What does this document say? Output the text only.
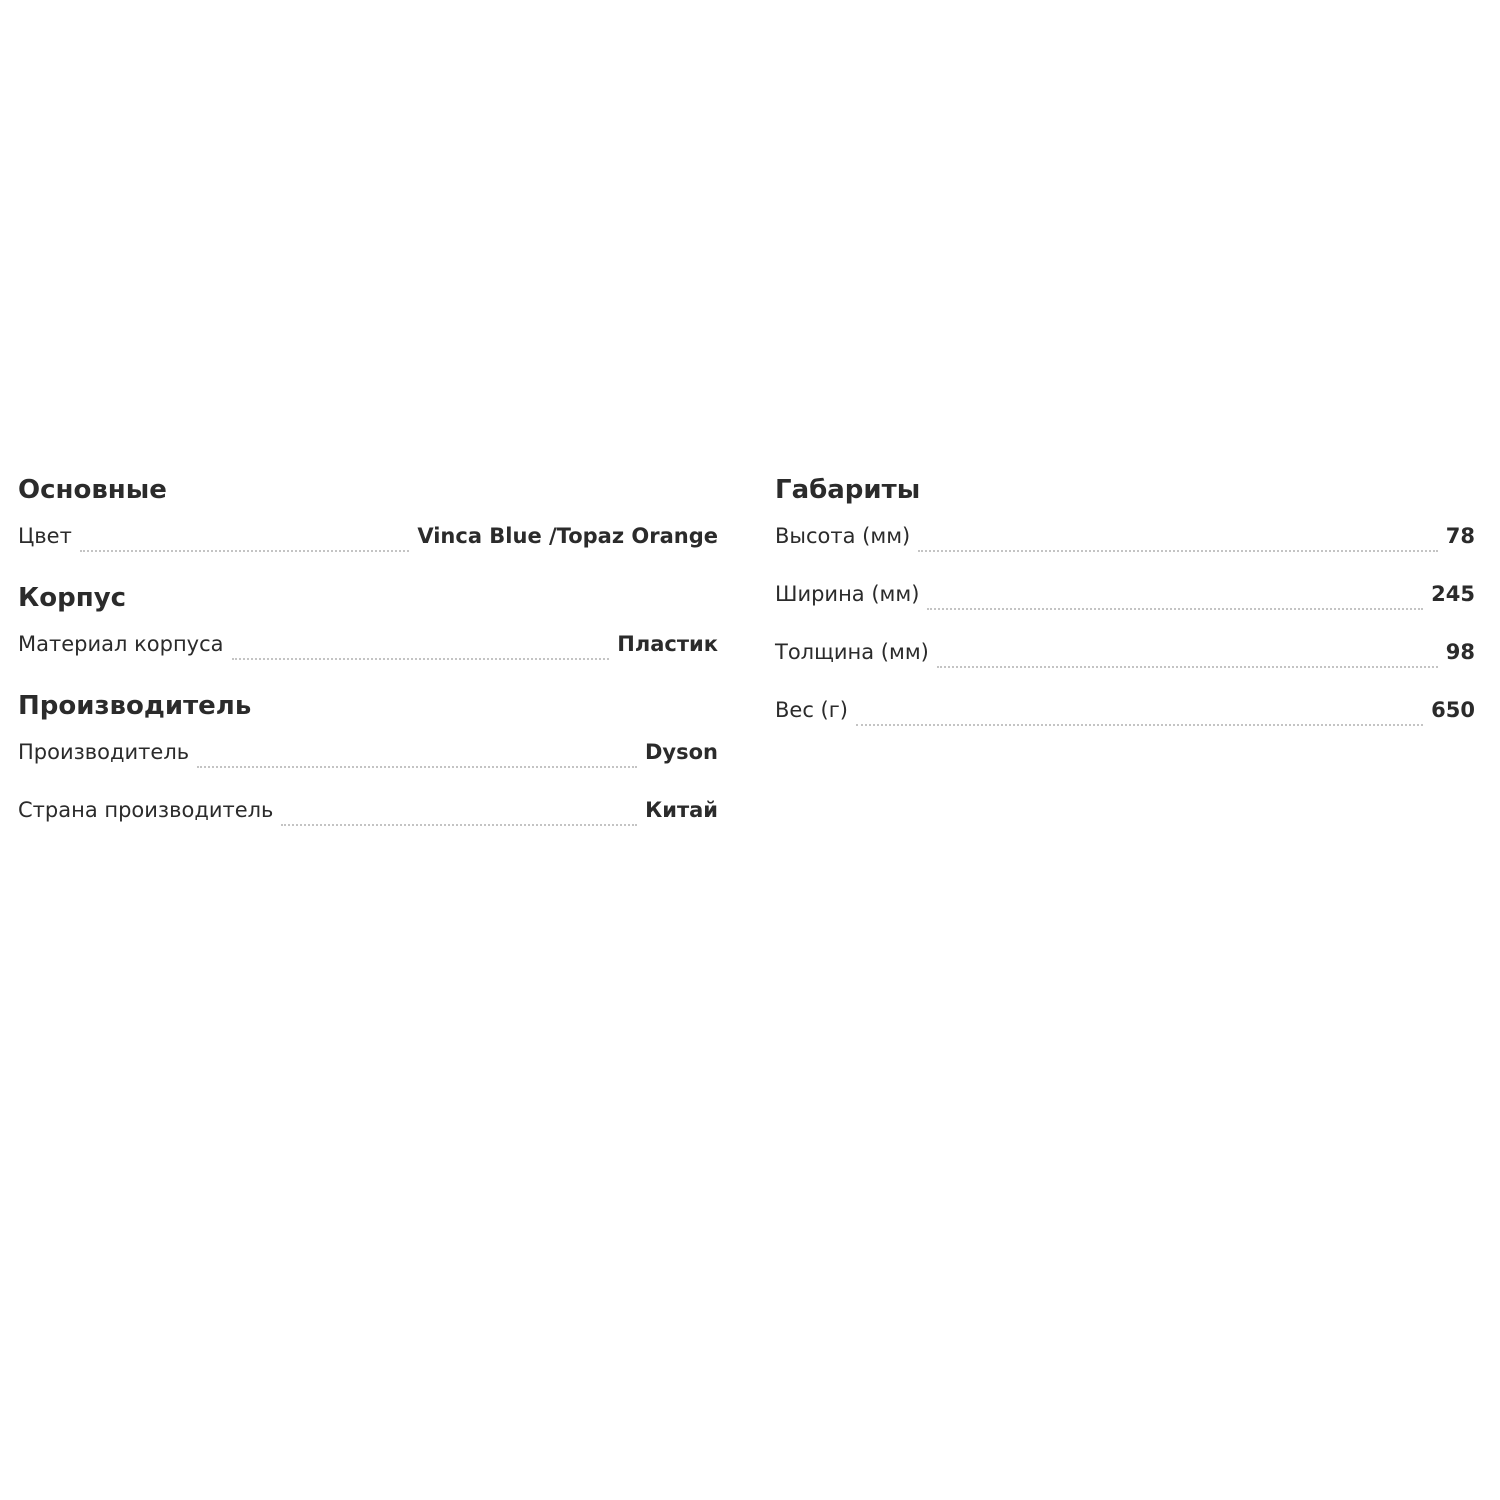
Основные
Цвет	Vinca Blue /Topaz Orange
Корпус
Материал корпуса	Пластик
Производитель
Производитель	Dyson
Страна производитель	Китай
Габариты
Высота (мм)	78
Ширина (мм)	245
Толщина (мм)	98
Вес (г)	650
